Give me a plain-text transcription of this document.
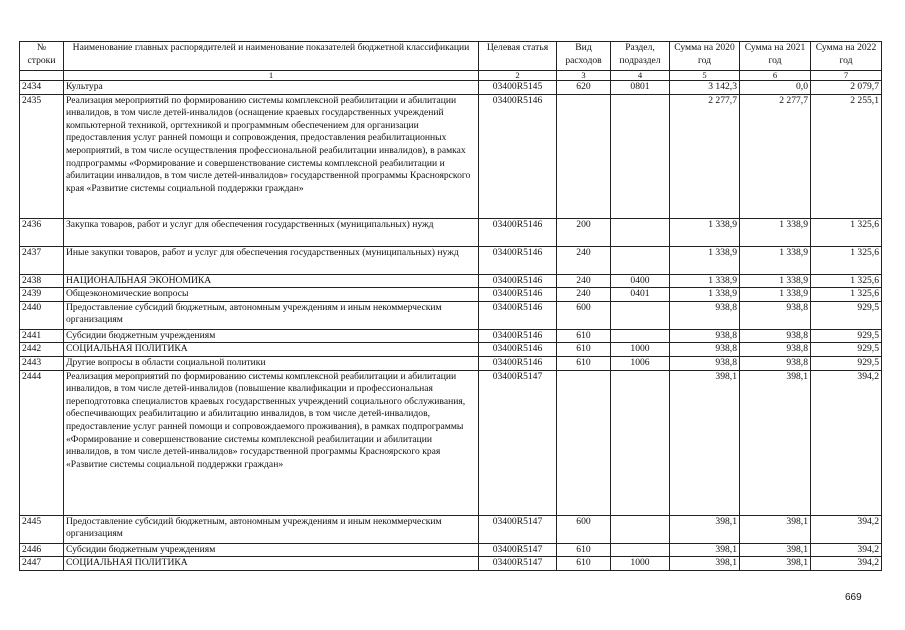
№ строки	Наименование главных распорядителей и наименование показателей бюджетной классификации	Целевая статья	Вид расходов	Раздел, подраздел	Сумма на 2020 год	Сумма на 2021 год	Сумма на 2022 год
	1	2	3	4	5	6	7
2434	Культура	03400R5145	620	0801	3 142,3	0,0	2 079,7
2435	Реализация мероприятий по формированию системы комплексной реабилитации и абилитации инвалидов, в том числе детей-инвалидов (оснащение краевых государственных учреждений компьютерной техникой, оргтехникой и программным обеспечением для организации предоставления услуг ранней помощи и сопровождения, предоставления реабилитационных мероприятий, в том числе осуществления профессиональной реабилитации инвалидов), в рамках подпрограммы «Формирование и совершенствование системы комплексной реабилитации и абилитации инвалидов, в том числе детей-инвалидов» государственной программы Красноярского края «Развитие системы социальной поддержки граждан»	03400R5146			2 277,7	2 277,7	2 255,1
2436	Закупка товаров, работ и услуг для обеспечения государственных (муниципальных) нужд	03400R5146	200		1 338,9	1 338,9	1 325,6
2437	Иные закупки товаров, работ и услуг для обеспечения государственных (муниципальных) нужд	03400R5146	240		1 338,9	1 338,9	1 325,6
2438	НАЦИОНАЛЬНАЯ ЭКОНОМИКА	03400R5146	240	0400	1 338,9	1 338,9	1 325,6
2439	Общеэкономические вопросы	03400R5146	240	0401	1 338,9	1 338,9	1 325,6
2440	Предоставление субсидий бюджетным, автономным учреждениям и иным некоммерческим организациям	03400R5146	600		938,8	938,8	929,5
2441	Субсидии бюджетным учреждениям	03400R5146	610		938,8	938,8	929,5
2442	СОЦИАЛЬНАЯ ПОЛИТИКА	03400R5146	610	1000	938,8	938,8	929,5
2443	Другие вопросы в области социальной политики	03400R5146	610	1006	938,8	938,8	929,5
2444	Реализация мероприятий по формированию системы комплексной реабилитации и абилитации инвалидов, в том числе детей-инвалидов (повышение квалификации и профессиональная переподготовка специалистов краевых государственных учреждений социального обслуживания, обеспечивающих реабилитацию и абилитацию инвалидов, в том числе детей-инвалидов, предоставление услуг ранней помощи и сопровождаемого проживания), в рамках подпрограммы «Формирование и совершенствование системы комплексной реабилитации и абилитации инвалидов, в том числе детей-инвалидов» государственной программы Красноярского края «Развитие системы социальной поддержки граждан»	03400R5147			398,1	398,1	394,2
2445	Предоставление субсидий бюджетным, автономным учреждениям и иным некоммерческим организациям	03400R5147	600		398,1	398,1	394,2
2446	Субсидии бюджетным учреждениям	03400R5147	610		398,1	398,1	394,2
2447	СОЦИАЛЬНАЯ ПОЛИТИКА	03400R5147	610	1000	398,1	398,1	394,2
669
